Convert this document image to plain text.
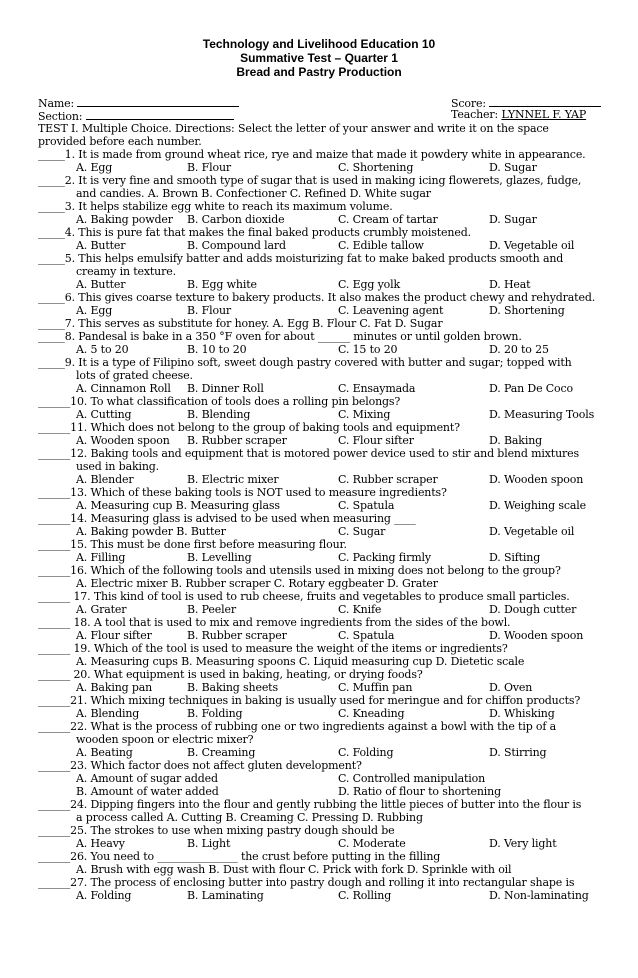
Technology and Livelihood Education 10
Summative Test – Quarter 1
Bread and Pastry Production
Name:	Score:
Section:	Teacher: LYNNEL F. YAP
TEST I. Multiple Choice. Directions: Select the letter of your answer and write it on the space
provided before each number.
_____1. It is made from ground wheat rice, rye and maize that made it powdery white in appearance.
A. Egg	B. Flour	C. Shortening	D. Sugar
_____2. It is very fine and smooth type of sugar that is used in making icing flowerets, glazes, fudge,
and candies. A. Brown B. Confectioner C. Refined D. White sugar
_____3. It helps stabilize egg white to reach its maximum volume.
A. Baking powder B. Carbon dioxide	C. Cream of tartar	D. Sugar
_____4. This is pure fat that makes the final baked products crumbly moistened.
A. Butter	B. Compound lard	C. Edible tallow	D. Vegetable oil
_____5. This helps emulsify batter and adds moisturizing fat to make baked products smooth and
creamy in texture.
A. Butter	B. Egg white	C. Egg yolk	D. Heat
_____6. This gives coarse texture to bakery products. It also makes the product chewy and rehydrated.
A. Egg	B. Flour	C. Leavening agent	D. Shortening
_____7. This serves as substitute for honey. A. Egg B. Flour C. Fat D. Sugar
_____8. Pandesal is bake in a 350 °F oven for about ______ minutes or until golden brown.
A. 5 to 20	B. 10 to 20	C. 15 to 20	D. 20 to 25
_____9. It is a type of Filipino soft, sweet dough pastry covered with butter and sugar; topped with
lots of grated cheese.
A. Cinnamon Roll B. Dinner Roll	C. Ensaymada	D. Pan De Coco
______10. To what classification of tools does a rolling pin belongs?
A. Cutting	B. Blending	C. Mixing	D. Measuring Tools
______11. Which does not belong to the group of baking tools and equipment?
A. Wooden spoon B. Rubber scraper	C. Flour sifter	D. Baking
______12. Baking tools and equipment that is motored power device used to stir and blend mixtures
used in baking.
A. Blender	B. Electric mixer	C. Rubber scraper	D. Wooden spoon
______13. Which of these baking tools is NOT used to measure ingredients?
A. Measuring cup B. Measuring glass	C. Spatula	D. Weighing scale
______14. Measuring glass is advised to be used when measuring ____
A. Baking powder B. Butter	C. Sugar	D. Vegetable oil
______15. This must be done first before measuring flour.
A. Filling	B. Levelling	C. Packing firmly	D. Sifting
______16. Which of the following tools and utensils used in mixing does not belong to the group?
A. Electric mixer B. Rubber scraper C. Rotary eggbeater D. Grater
______ 17. This kind of tool is used to rub cheese, fruits and vegetables to produce small particles.
A. Grater	B. Peeler	C. Knife	D. Dough cutter
______ 18. A tool that is used to mix and remove ingredients from the sides of the bowl.
A. Flour sifter	B. Rubber scraper	C. Spatula	D. Wooden spoon
______ 19. Which of the tool is used to measure the weight of the items or ingredients?
A. Measuring cups B. Measuring spoons C. Liquid measuring cup D. Dietetic scale
______ 20. What equipment is used in baking, heating, or drying foods?
A. Baking pan	B. Baking sheets	C. Muffin pan	D. Oven
______21. Which mixing techniques in baking is usually used for meringue and for chiffon products?
A. Blending	B. Folding	C. Kneading	D. Whisking
______22. What is the process of rubbing one or two ingredients against a bowl with the tip of a
wooden spoon or electric mixer?
A. Beating	B. Creaming	C. Folding	D. Stirring
______23. Which factor does not affect gluten development?
A. Amount of sugar added	C. Controlled manipulation
B. Amount of water added	D. Ratio of flour to shortening
______24. Dipping fingers into the flour and gently rubbing the little pieces of butter into the flour is
a process called A. Cutting B. Creaming C. Pressing D. Rubbing
______25. The strokes to use when mixing pastry dough should be
A. Heavy	B. Light	C. Moderate	D. Very light
______26. You need to _______________ the crust before putting in the filling
A. Brush with egg wash B. Dust with flour C. Prick with fork D. Sprinkle with oil
______27. The process of enclosing butter into pastry dough and rolling it into rectangular shape is
A. Folding	B. Laminating	C. Rolling	D. Non-laminating
